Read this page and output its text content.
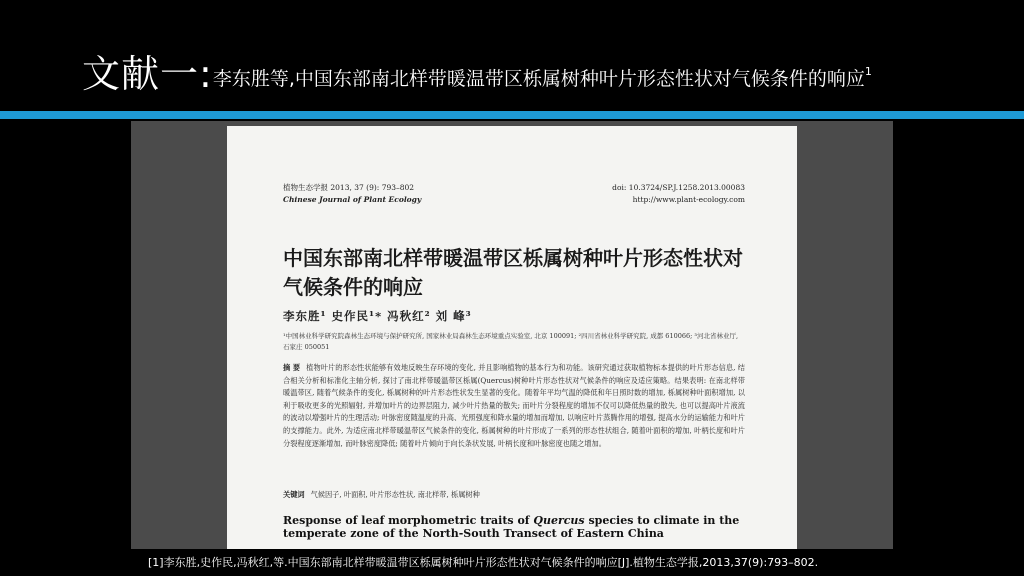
文献一:李东胜等,中国东部南北样带暖温带区栎属树种叶片形态性状对气候条件的响应$^1$
植物生态学报 2013, 37 (9): 793–802
Chinese Journal of Plant Ecology
doi: 10.3724/SP.J.1258.2013.00083
http://www.plant-ecology.com
中国东部南北样带暖温带区栎属树种叶片形态性状对气候条件的响应
李东胜¹ 史作民¹* 冯秋红² 刘 峰³
¹中国林业科学研究院森林生态环境与保护研究所, 国家林业局森林生态环境重点实验室, 北京 100091; ²四川省林业科学研究院, 成都 610066; ³河北省林业厅, 石家庄 050051
摘 要 植物叶片的形态性状能够有效地反映生存环境的变化, 并且影响植物的基本行为和功能。该研究通过获取植物标本提供的叶片形态信息, 结合相关分析和标准化主轴分析, 探讨了南北样带暖温带区栎属(Quercus)树种叶片形态性状对气候条件的响应及适应策略。结果表明: 在南北样带暖温带区, 随着气候条件的变化, 栎属树种的叶片形态性状发生显著的变化。随着年平均气温的降低和年日照时数的增加, 栎属树种叶面积增加, 以利于吸收更多的光照辐射, 并增加叶片的边界层阻力, 减少叶片热量的散失; 而叶片分裂程度的增加不仅可以降低热量的散失, 也可以提高叶片液流的波动以增强叶片的生理活动; 叶脉密度随温度的升高、光照强度和降水量的增加而增加, 以响应叶片蒸腾作用的增强, 提高水分的运输能力和叶片的支撑能力。此外, 为适应南北样带暖温带区气候条件的变化, 栎属树种的叶片形成了一系列的形态性状组合, 随着叶面积的增加, 叶柄长度和叶片分裂程度逐渐增加, 而叶脉密度降低; 随着叶片倾向于向长条状发展, 叶柄长度和叶脉密度也随之增加。
关键词 气候因子, 叶面积, 叶片形态性状, 南北样带, 栎属树种
Response of leaf morphometric traits of Quercus species to climate in the temperate zone of the North-South Transect of Eastern China
[1]李东胜,史作民,冯秋红,等.中国东部南北样带暖温带区栎属树种叶片形态性状对气候条件的响应[J].植物生态学报,2013,37(9):793–802.
